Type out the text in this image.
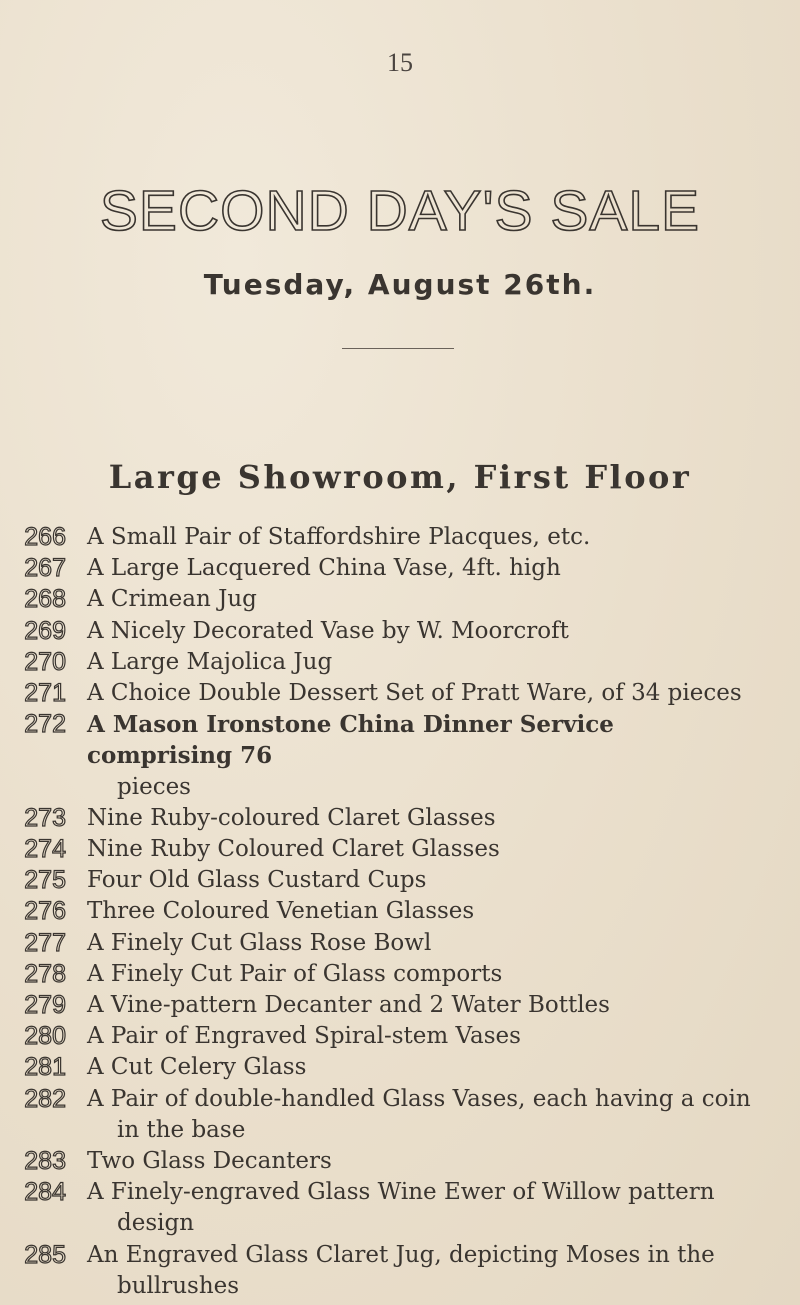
15
SECOND DAY'S SALE
Tuesday, August 26th.
Large Showroom, First Floor
266 A Small Pair of Staffordshire Placques, etc.
267 A Large Lacquered China Vase, 4ft. high
268 A Crimean Jug
269 A Nicely Decorated Vase by W. Moorcroft
270 A Large Majolica Jug
271 A Choice Double Dessert Set of Pratt Ware, of 34 pieces
272 A Mason Ironstone China Dinner Service comprising 76
pieces
273 Nine Ruby-coloured Claret Glasses
274 Nine Ruby Coloured Claret Glasses
275 Four Old Glass Custard Cups
276 Three Coloured Venetian Glasses
277 A Finely Cut Glass Rose Bowl
278 A Finely Cut Pair of Glass comports
279 A Vine-pattern Decanter and 2 Water Bottles
280 A Pair of Engraved Spiral-stem Vases
281 A Cut Celery Glass
282 A Pair of double-handled Glass Vases, each having a coin
in the base
283 Two Glass Decanters
284 A Finely-engraved Glass Wine Ewer of Willow pattern
design
285 An Engraved Glass Claret Jug, depicting Moses in the
bullrushes
